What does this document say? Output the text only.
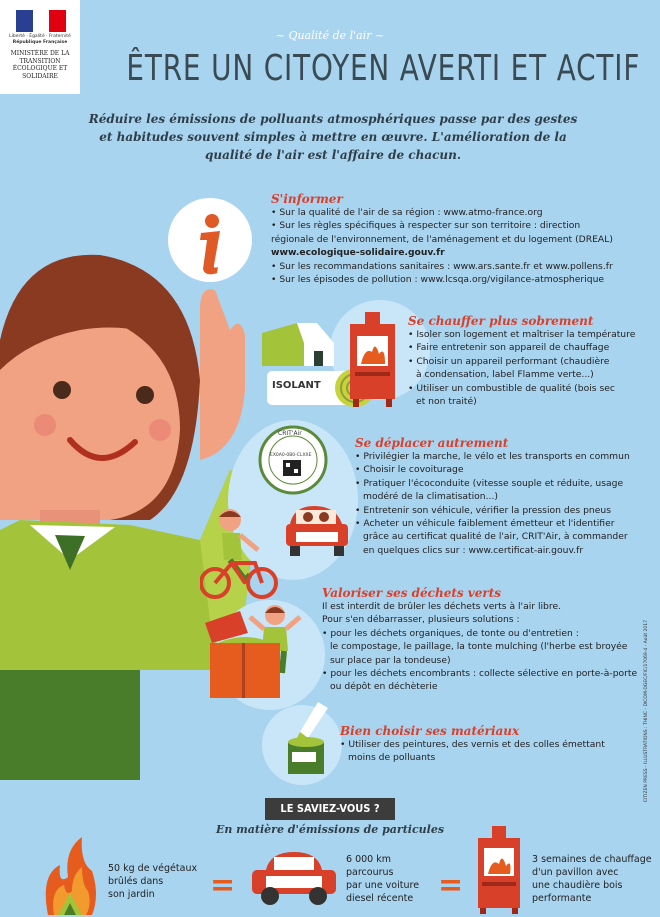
Liberté · Égalité · Fraternité
République Française
MINISTÈRE DE LA TRANSITION ÉCOLOGIQUE ET SOLIDAIRE
~ Qualité de l'air ~
ÊTRE UN CITOYEN AVERTI ET ACTIF
Réduire les émissions de polluants atmosphériques passe par des gestes et habitudes souvent simples à mettre en œuvre. L'amélioration de la qualité de l'air est l'affaire de chacun.
S'informer
• Sur la qualité de l'air de sa région : www.atmo-france.org
• Sur les règles spécifiques à respecter sur son territoire : direction
régionale de l'environnement, de l'aménagement et du logement (DREAL)
www.ecologique-solidaire.gouv.fr
• Sur les recommandations sanitaires : www.ars.sante.fr et www.pollens.fr
• Sur les épisodes de pollution : www.lcsqa.org/vigilance-atmospherique
ISOLANT
Se chauffer plus sobrement
• Isoler son logement et maîtriser la température
• Faire entretenir son appareil de chauffage
• Choisir un appareil performant (chaudière
à condensation, label Flamme verte...)
• Utiliser un combustible de qualité (bois sec
et non traité)
CRIT'Air
EX0A0-0B0-CLXXE
Se déplacer autrement
• Privilégier la marche, le vélo et les transports en commun
• Choisir le covoiturage
• Pratiquer l'écoconduite (vitesse souple et réduite, usage
modéré de la climatisation...)
• Entretenir son véhicule, vérifier la pression des pneus
• Acheter un véhicule faiblement émetteur et l'identifier
grâce au certificat qualité de l'air, CRIT'Air, à commander
en quelques clics sur : www.certificat-air.gouv.fr
Valoriser ses déchets verts
Il est interdit de brûler les déchets verts à l'air libre.
Pour s'en débarrasser, plusieurs solutions :
• pour les déchets organiques, de tonte ou d'entretien :
le compostage, le paillage, la tonte mulching (l'herbe est broyée
sur place par la tondeuse)
• pour les déchets encombrants : collecte sélective en porte-à-porte
ou dépôt en déchèterie
Bien choisir ses matériaux
• Utiliser des peintures, des vernis et des colles émettant
moins de polluants	CITIZEN PRESS - ILLUSTRATIONS : THINC - DICOM-DGEC/FIC/17069-4 - Août 2017
LE SAVIEZ-VOUS ?
En matière d'émissions de particules
50 kg de végétaux
brûlés dans
son jardin	=
6 000 km
parcourus
par une voiture
diesel récente =
3 semaines de chauffage
d'un pavillon avec
une chaudière bois
performante
